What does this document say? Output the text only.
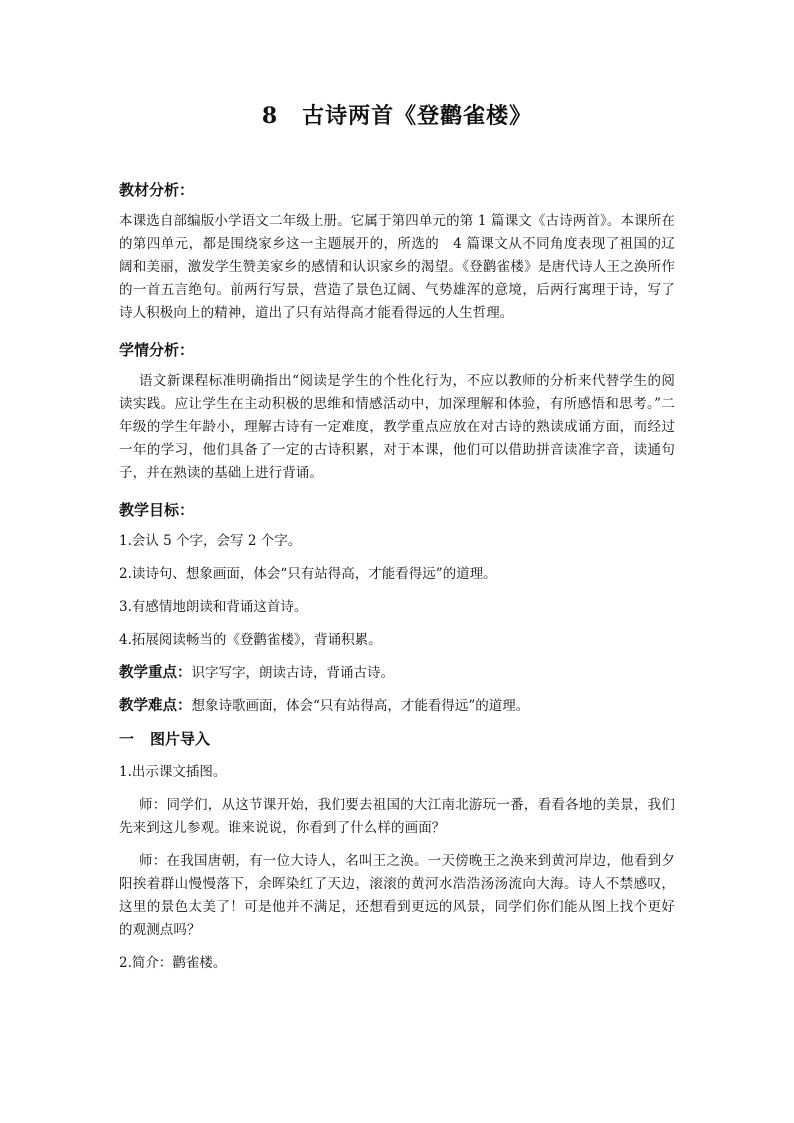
8 古诗两首《登鹳雀楼》
教材分析：

本课选自部编版小学语文二年级上册。它属于第四单元的第 1 篇课文《古诗两首》。本课所在的第四单元，都是围绕家乡这一主题展开的，所选的　4 篇课文从不同角度表现了祖国的辽阔和美丽，激发学生赞美家乡的感情和认识家乡的渴望。《登鹳雀楼》是唐代诗人王之涣所作的一首五言绝句。前两行写景，营造了景色辽阔、气势雄浑的意境，后两行寓理于诗，写了诗人积极向上的精神，道出了只有站得高才能看得远的人生哲理。

学情分析：

语文新课程标准明确指出“阅读是学生的个性化行为，不应以教师的分析来代替学生的阅读实践。应让学生在主动积极的思维和情感活动中，加深理解和体验，有所感悟和思考。”二年级的学生年龄小，理解古诗有一定难度，教学重点应放在对古诗的熟读成诵方面，而经过一年的学习，他们具备了一定的古诗积累，对于本课，他们可以借助拼音读准字音，读通句子，并在熟读的基础上进行背诵。

教学目标：
1.会认 5 个字，会写 2 个字。
2.读诗句、想象画面，体会“只有站得高，才能看得远”的道理。
3.有感情地朗读和背诵这首诗。
4.拓展阅读畅当的《登鹳雀楼》，背诵积累。
教学重点：识字写字，朗读古诗，背诵古诗。
教学难点：想象诗歌画面，体会“只有站得高，才能看得远”的道理。
一 图片导入
1.出示课文插图。

师：同学们，从这节课开始，我们要去祖国的大江南北游玩一番，看看各地的美景，我们先来到这儿参观。谁来说说，你看到了什么样的画面？

师：在我国唐朝，有一位大诗人，名叫王之涣。一天傍晚王之涣来到黄河岸边，他看到夕阳挨着群山慢慢落下，余晖染红了天边，滚滚的黄河水浩浩汤汤流向大海。诗人不禁感叹，这里的景色太美了！可是他并不满足，还想看到更远的风景，同学们你们能从图上找个更好的观测点吗？

2.简介：鹳雀楼。
